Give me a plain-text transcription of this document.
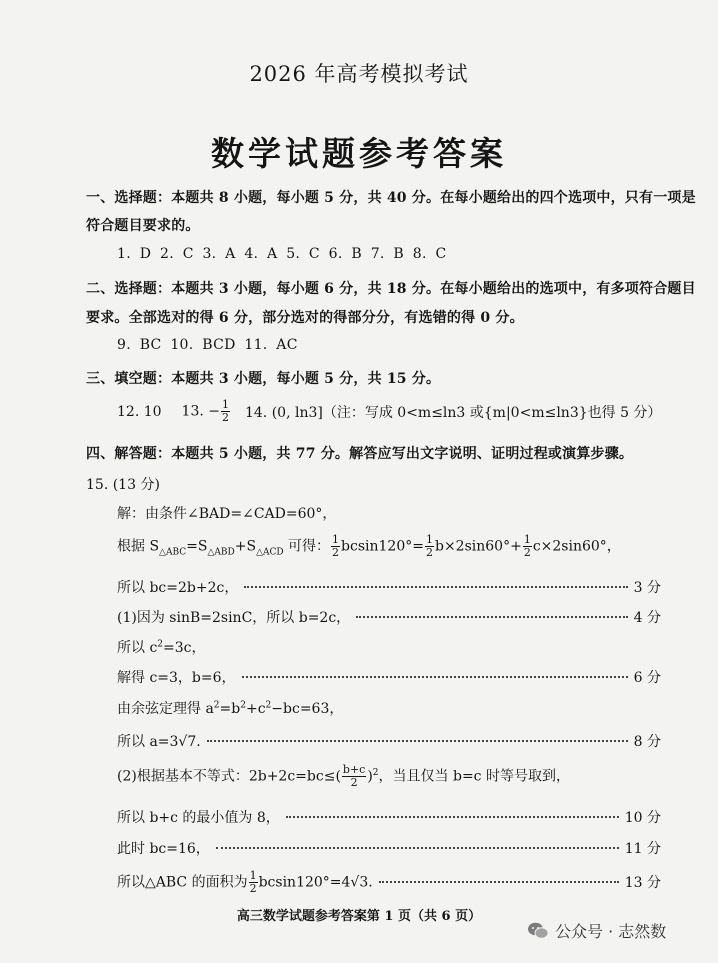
2026 年高考模拟考试
数学试题参考答案
一、选择题：本题共 8 小题，每小题 5 分，共 40 分。在每小题给出的四个选项中，只有一项是
符合题目要求的。
1. D 2. C 3. A 4. A 5. C 6. B 7. B 8. C
二、选择题：本题共 3 小题，每小题 6 分，共 18 分。在每小题给出的选项中，有多项符合题目
要求。全部选对的得 6 分，部分选对的得部分分，有选错的得 0 分。
9. BC 10. BCD 11. AC
三、填空题：本题共 3 小题，每小题 5 分，共 15 分。
12. 10 13. − $\frac{1}{2} 14$. (0, ln3]（注：写成 0<m≤ln3 或{m|0<m≤ln3}也得 5 分）
四、解答题：本题共 5 小题，共 77 分。解答应写出文字说明、证明过程或演算步骤。
15. (13 分)
解：由条件∠BAD=∠CAD=60°，
根据 $S_{\triangle ABC}=S_{\triangle ABD}+S_{\triangle ACD}$ 可得： $\frac{1}{2} bcsin120^\circ= \frac{1}{2} b\times 2\sin 60^\circ+ \frac{1}{2} c\times 2\sin 60^\circ$，
所以 bc=2b+2c，	3 分
(1)因为 sinB=2sinC，所以 b=2c，	4 分
所以 $c^2=3c$，
解得 c=3，b=6，	6 分
由余弦定理得 $a^2=b^2+c^2-bc=63$，
所以 a=3√7.	8 分
(2)根据基本不等式：$2b+2c=bc\le( \frac{b+c}{2} )^2$，当且仅当 b=c 时等号取到，
所以 b+c 的最小值为 8，	10 分
此时 bc=16，	11 分
所以△ABC 的面积为 $\frac{1}{2} bcsin120^\circ=4√3$.	13 分
高三数学试题参考答案第 1 页（共 6 页）
公众号 · 志然数
